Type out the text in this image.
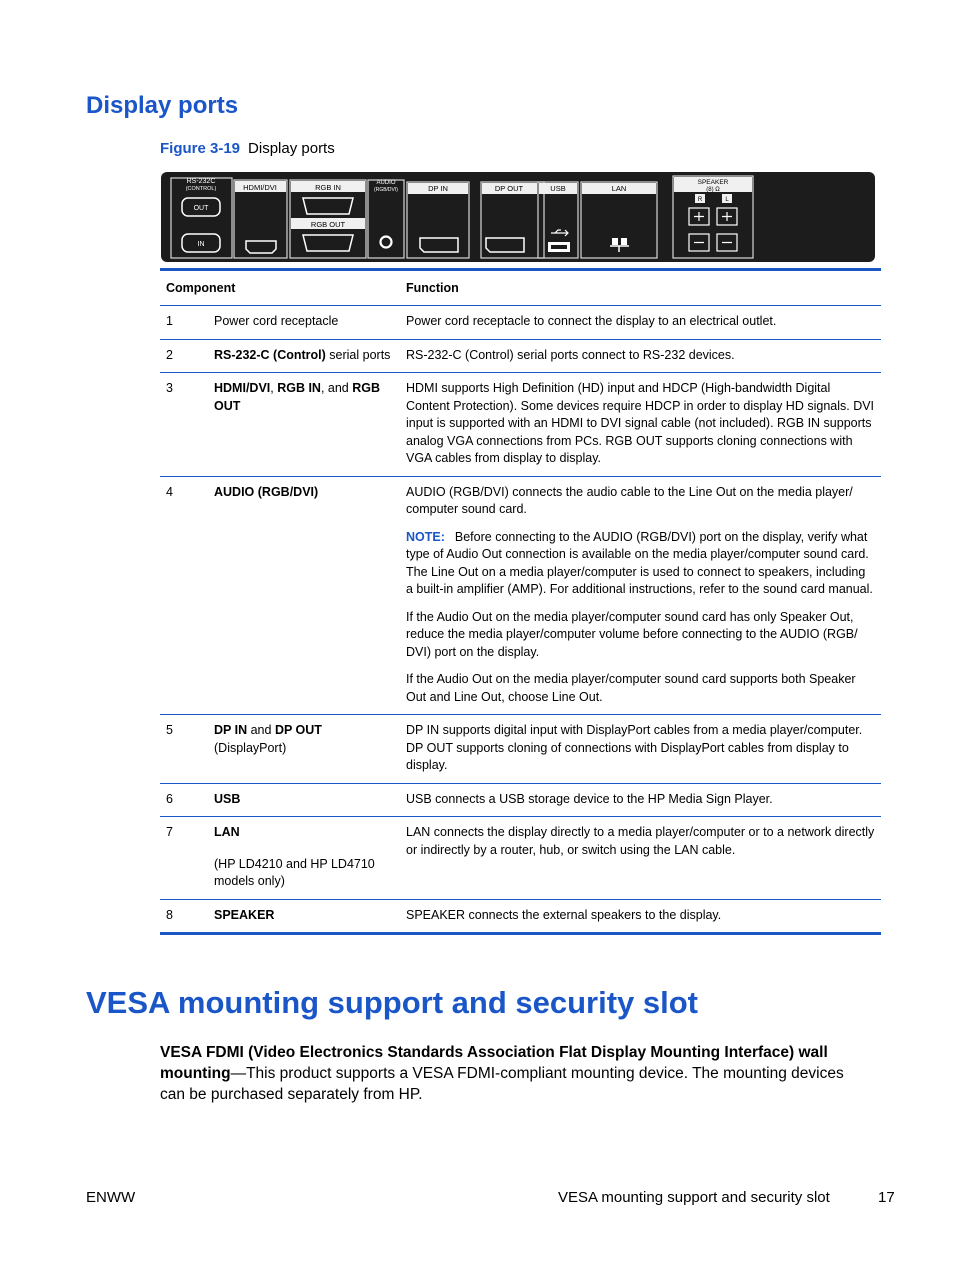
Display ports
Figure 3-19 Display ports
RS-232C
(CONTROL)	HDMI/DVI	RGB IN
RGB OUT
DP IN	DP OUT	USB	LAN
SPEAKER
(8) Ω
R	L
AUDIO
(RGB/DVI)
OUT
IN
Component		Function
1	Power cord receptacle	Power cord receptacle to connect the display to an electrical outlet.
2	RS-232-C (Control) serial ports	RS-232-C (Control) serial ports connect to RS-232 devices.
3	HDMI/DVI, RGB IN, and RGB OUT	HDMI supports High Definition (HD) input and HDCP (High-bandwidth Digital Content Protection). Some devices require HDCP in order to display HD signals. DVI input is supported with an HDMI to DVI signal cable (not included). RGB IN supports analog VGA connections from PCs. RGB OUT supports cloning connections with VGA cables from display to display.
4	AUDIO (RGB/DVI)	AUDIO (RGB/DVI) connects the audio cable to the Line Out on the media player/ computer sound card.

NOTE: Before connecting to the AUDIO (RGB/DVI) port on the display, verify what type of Audio Out connection is available on the media player/computer sound card. The Line Out on a media player/computer is used to connect to speakers, including a built-in amplifier (AMP). For additional instructions, refer to the sound card manual.

If the Audio Out on the media player/computer sound card has only Speaker Out, reduce the media player/computer volume before connecting to the AUDIO (RGB/ DVI) port on the display.

If the Audio Out on the media player/computer sound card supports both Speaker Out and Line Out, choose Line Out.

5	DP IN and DP OUT
(DisplayPort)	DP IN supports digital input with DisplayPort cables from a media player/computer. DP OUT supports cloning of connections with DisplayPort cables from display to display.
6	USB	USB connects a USB storage device to the HP Media Sign Player.
7	LAN
(HP LD4210 and HP LD4710 models only)	LAN connects the display directly to a media player/computer or to a network directly or indirectly by a router, hub, or switch using the LAN cable.
8	SPEAKER	SPEAKER connects the external speakers to the display.
VESA mounting support and security slot

VESA FDMI (Video Electronics Standards Association Flat Display Mounting Interface) wall mounting—This product supports a VESA FDMI-compliant mounting device. The mounting devices can be purchased separately from HP.

ENWW	VESA mounting support and security slot	17
